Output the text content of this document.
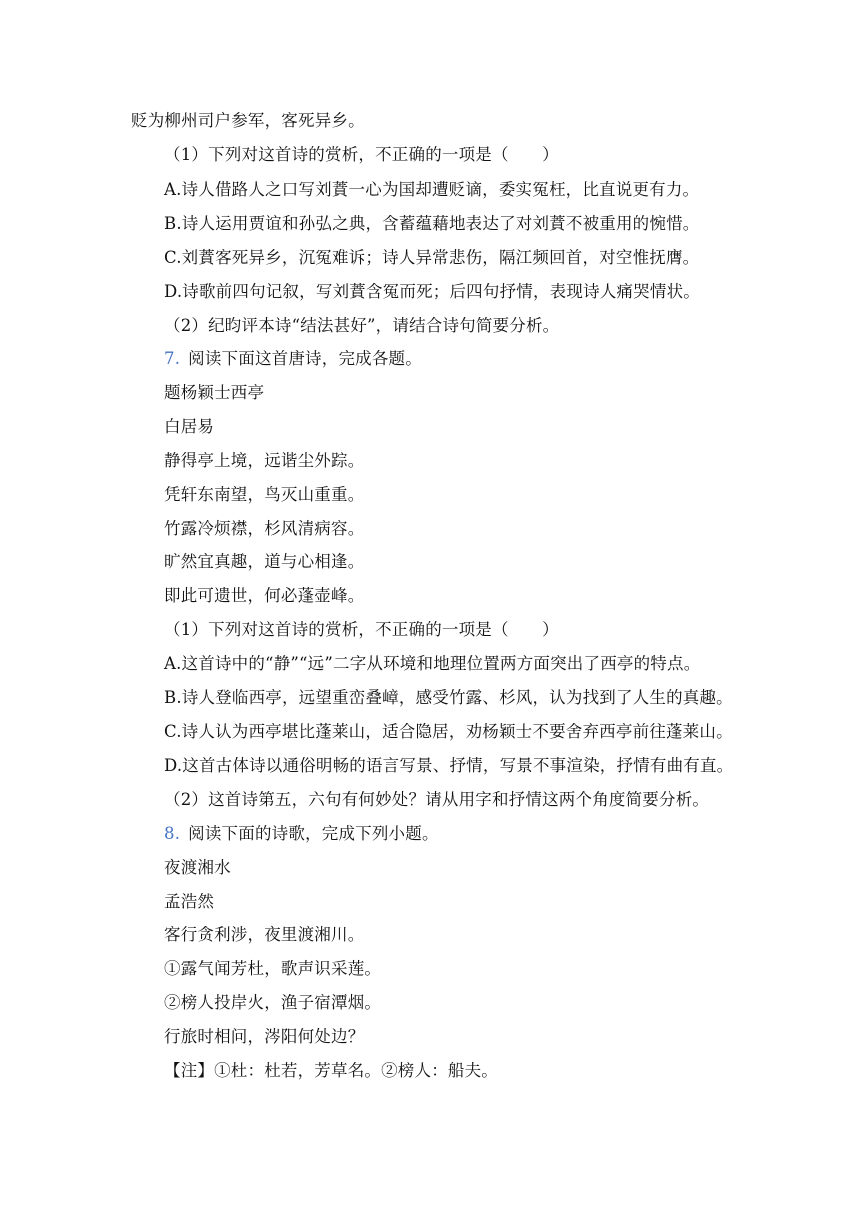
贬为柳州司户参军，客死异乡。
（1）下列对这首诗的赏析，不正确的一项是（　　）
A.诗人借路人之口写刘蕡一心为国却遭贬谪，委实冤枉，比直说更有力。
B.诗人运用贾谊和孙弘之典，含蓄蕴藉地表达了对刘蕡不被重用的惋惜。
C.刘蕡客死异乡，沉冤难诉；诗人异常悲伤，隔江频回首，对空惟抚膺。
D.诗歌前四句记叙，写刘蕡含冤而死；后四句抒情，表现诗人痛哭情状。
（2）纪昀评本诗“结法甚好”，请结合诗句简要分析。
7. 阅读下面这首唐诗，完成各题。
题杨颖士西亭
白居易
静得亭上境，远谐尘外踪。
凭轩东南望，鸟灭山重重。
竹露冷烦襟，杉风清病容。
旷然宜真趣，道与心相逢。
即此可遗世，何必蓬壶峰。
（1）下列对这首诗的赏析，不正确的一项是（　　）
A.这首诗中的“静”“远”二字从环境和地理位置两方面突出了西亭的特点。
B.诗人登临西亭，远望重峦叠嶂，感受竹露、杉风，认为找到了人生的真趣。
C.诗人认为西亭堪比蓬莱山，适合隐居，劝杨颖士不要舍弃西亭前往蓬莱山。
D.这首古体诗以通俗明畅的语言写景、抒情，写景不事渲染，抒情有曲有直。
（2）这首诗第五，六句有何妙处？请从用字和抒情这两个角度简要分析。
8. 阅读下面的诗歌，完成下列小题。
夜渡湘水
孟浩然
客行贪利涉，夜里渡湘川。
①露气闻芳杜，歌声识采莲。
②榜人投岸火，渔子宿潭烟。
行旅时相问，涔阳何处边？
【注】①杜：杜若，芳草名。②榜人：船夫。
